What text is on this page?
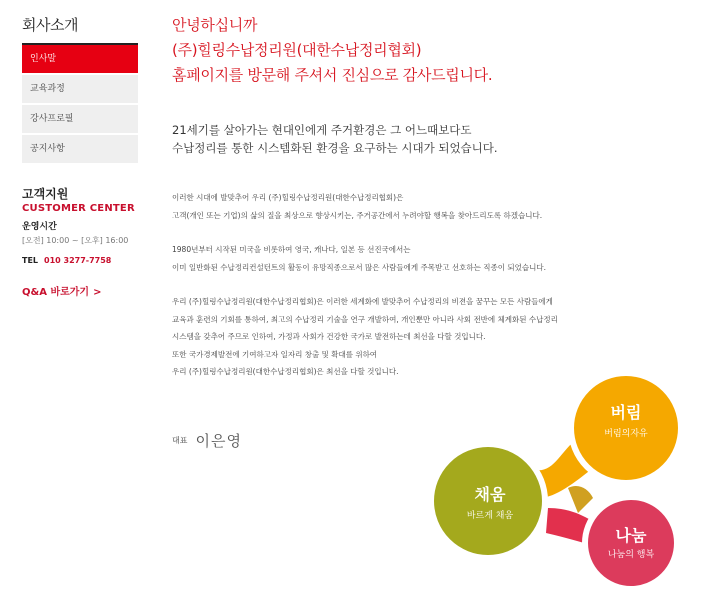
회사소개
인사말
교육과정
강사프로필
공지사항
고객지원
CUSTOMER CENTER
운영시간
[오전] 10:00 ~ [오후] 16:00
TEL 010 3277-7758
Q&A 바로가기 >
안녕하십니까
(주)힐링수납정리원(대한수납정리협회)
홈페이지를 방문해 주셔서 진심으로 감사드립니다.
21세기를 살아가는 현대인에게 주거환경은 그 어느때보다도
수납정리를 통한 시스템화된 환경을 요구하는 시대가 되었습니다.
이러한 시대에 발맞추어 우리 (주)힐링수납정리원(대한수납정리협회)은
고객(개인 또는 기업)의 삶의 질을 최상으로 향상시키는, 주거공간에서 누려야할 행복을 찾아드리도록 하겠습니다.
1980년부터 시작된 미국을 비롯하여 영국, 캐나다, 일본 등 선진국에서는
이미 일반화된 수납정리컨설턴트의 활동이 유망직종으로서 많은 사람들에게 주목받고 선호하는 직종이 되었습니다.
우리 (주)힐링수납정리원(대한수납정리협회)은 이러한 세계화에 발맞추어 수납정리의 비젼을 꿈꾸는 모든 사람들에게
교육과 훈련의 기회를 통하여, 최고의 수납정리 기술을 연구 개발하여, 개인뿐만 아니라 사회 전반에 체계화된 수납정리
시스템을 갖추어 주므로 인하여, 가정과 사회가 건강한 국가로 발전하는데 최선을 다할 것입니다.
또한 국가경제발전에 기여하고자 일자리 창출 및 확대를 위하여
우리 (주)힐링수납정리원(대한수납정리협회)은 최선을 다할 것입니다.
대표 이은영
버림
버림의자유
채움
바르게 채움
나눔
나눔의 행복
